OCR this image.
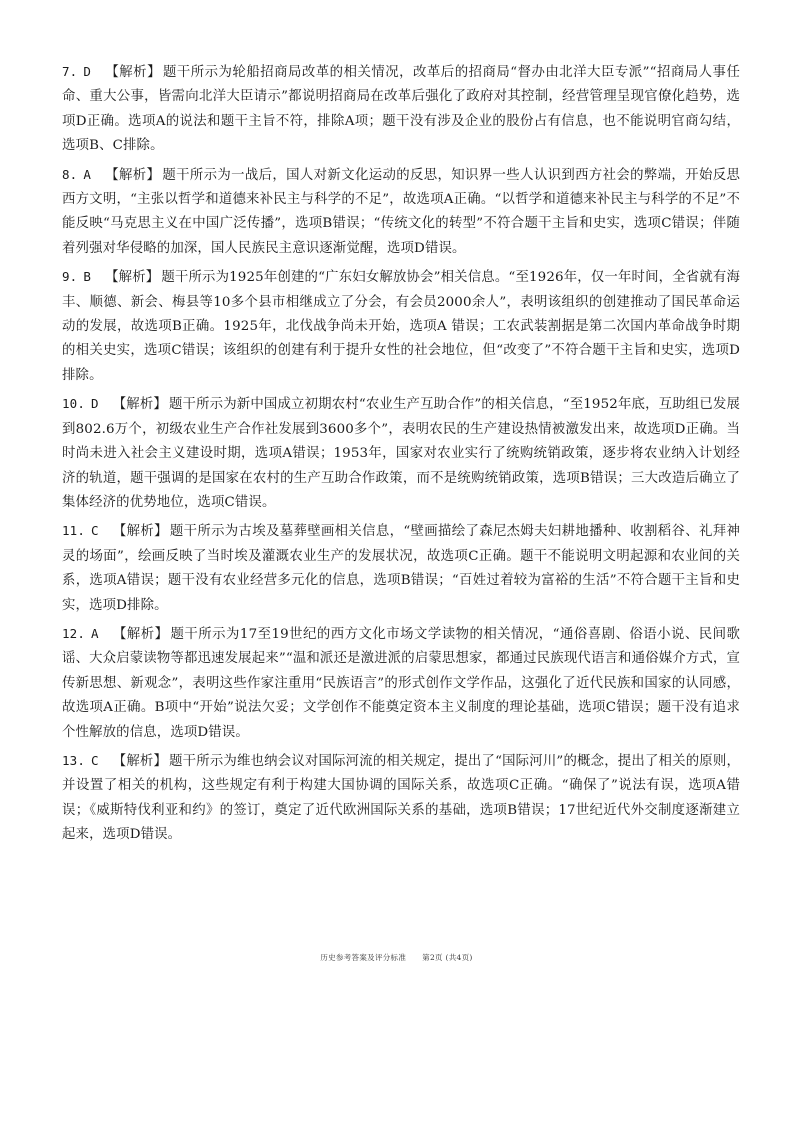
7. D 【解析】 题干所示为轮船招商局改革的相关情况，改革后的招商局“督办由北洋大臣专派”“招商局人事任命、重大公事，皆需向北洋大臣请示”都说明招商局在改革后强化了政府对其控制，经营管理呈现官僚化趋势，选项D正确。选项A的说法和题干主旨不符，排除A项；题干没有涉及企业的股份占有信息，也不能说明官商勾结，选项B、C排除。

8. A 【解析】 题干所示为一战后，国人对新文化运动的反思，知识界一些人认识到西方社会的弊端，开始反思西方文明，“主张以哲学和道德来补民主与科学的不足”，故选项A正确。“以哲学和道德来补民主与科学的不足”不能反映“马克思主义在中国广泛传播”，选项B错误；“传统文化的转型”不符合题干主旨和史实，选项C错误；伴随着列强对华侵略的加深，国人民族民主意识逐渐觉醒，选项D错误。

9. B 【解析】 题干所示为1925年创建的“广东妇女解放协会”相关信息。“至1926年，仅一年时间，全省就有海丰、顺德、新会、梅县等10多个县市相继成立了分会，有会员2000余人”，表明该组织的创建推动了国民革命运动的发展，故选项B正确。1925年，北伐战争尚未开始，选项A 错误；工农武装割据是第二次国内革命战争时期的相关史实，选项C错误；该组织的创建有利于提升女性的社会地位，但“改变了”不符合题干主旨和史实，选项D排除。

10. D 【解析】 题干所示为新中国成立初期农村“农业生产互助合作”的相关信息，“至1952年底，互助组已发展到802.6万个，初级农业生产合作社发展到3600多个”，表明农民的生产建设热情被激发出来，故选项D正确。当时尚未进入社会主义建设时期，选项A错误；1953年，国家对农业实行了统购统销政策，逐步将农业纳入计划经济的轨道，题干强调的是国家在农村的生产互助合作政策，而不是统购统销政策，选项B错误；三大改造后确立了集体经济的优势地位，选项C错误。

11. C 【解析】 题干所示为古埃及墓葬壁画相关信息，“壁画描绘了森尼杰姆夫妇耕地播种、收割稻谷、礼拜神灵的场面”，绘画反映了当时埃及灌溉农业生产的发展状况，故选项C正确。题干不能说明文明起源和农业间的关系，选项A错误；题干没有农业经营多元化的信息，选项B错误；“百姓过着较为富裕的生活”不符合题干主旨和史实，选项D排除。

12. A 【解析】 题干所示为17至19世纪的西方文化市场文学读物的相关情况，“通俗喜剧、俗语小说、民间歌谣、大众启蒙读物等都迅速发展起来”“温和派还是激进派的启蒙思想家，都通过民族现代语言和通俗媒介方式，宣传新思想、新观念”，表明这些作家注重用“民族语言”的形式创作文学作品，这强化了近代民族和国家的认同感，故选项A正确。B项中“开始”说法欠妥；文学创作不能奠定资本主义制度的理论基础，选项C错误；题干没有追求个性解放的信息，选项D错误。

13. C 【解析】 题干所示为维也纳会议对国际河流的相关规定，提出了“国际河川”的概念，提出了相关的原则，并设置了相关的机构，这些规定有利于构建大国协调的国际关系，故选项C正确。“确保了”说法有误，选项A错误；《威斯特伐利亚和约》的签订，奠定了近代欧洲国际关系的基础，选项B错误；17世纪近代外交制度逐渐建立起来，选项D错误。

历史参考答案及评分标准 第2页 (共4页)
